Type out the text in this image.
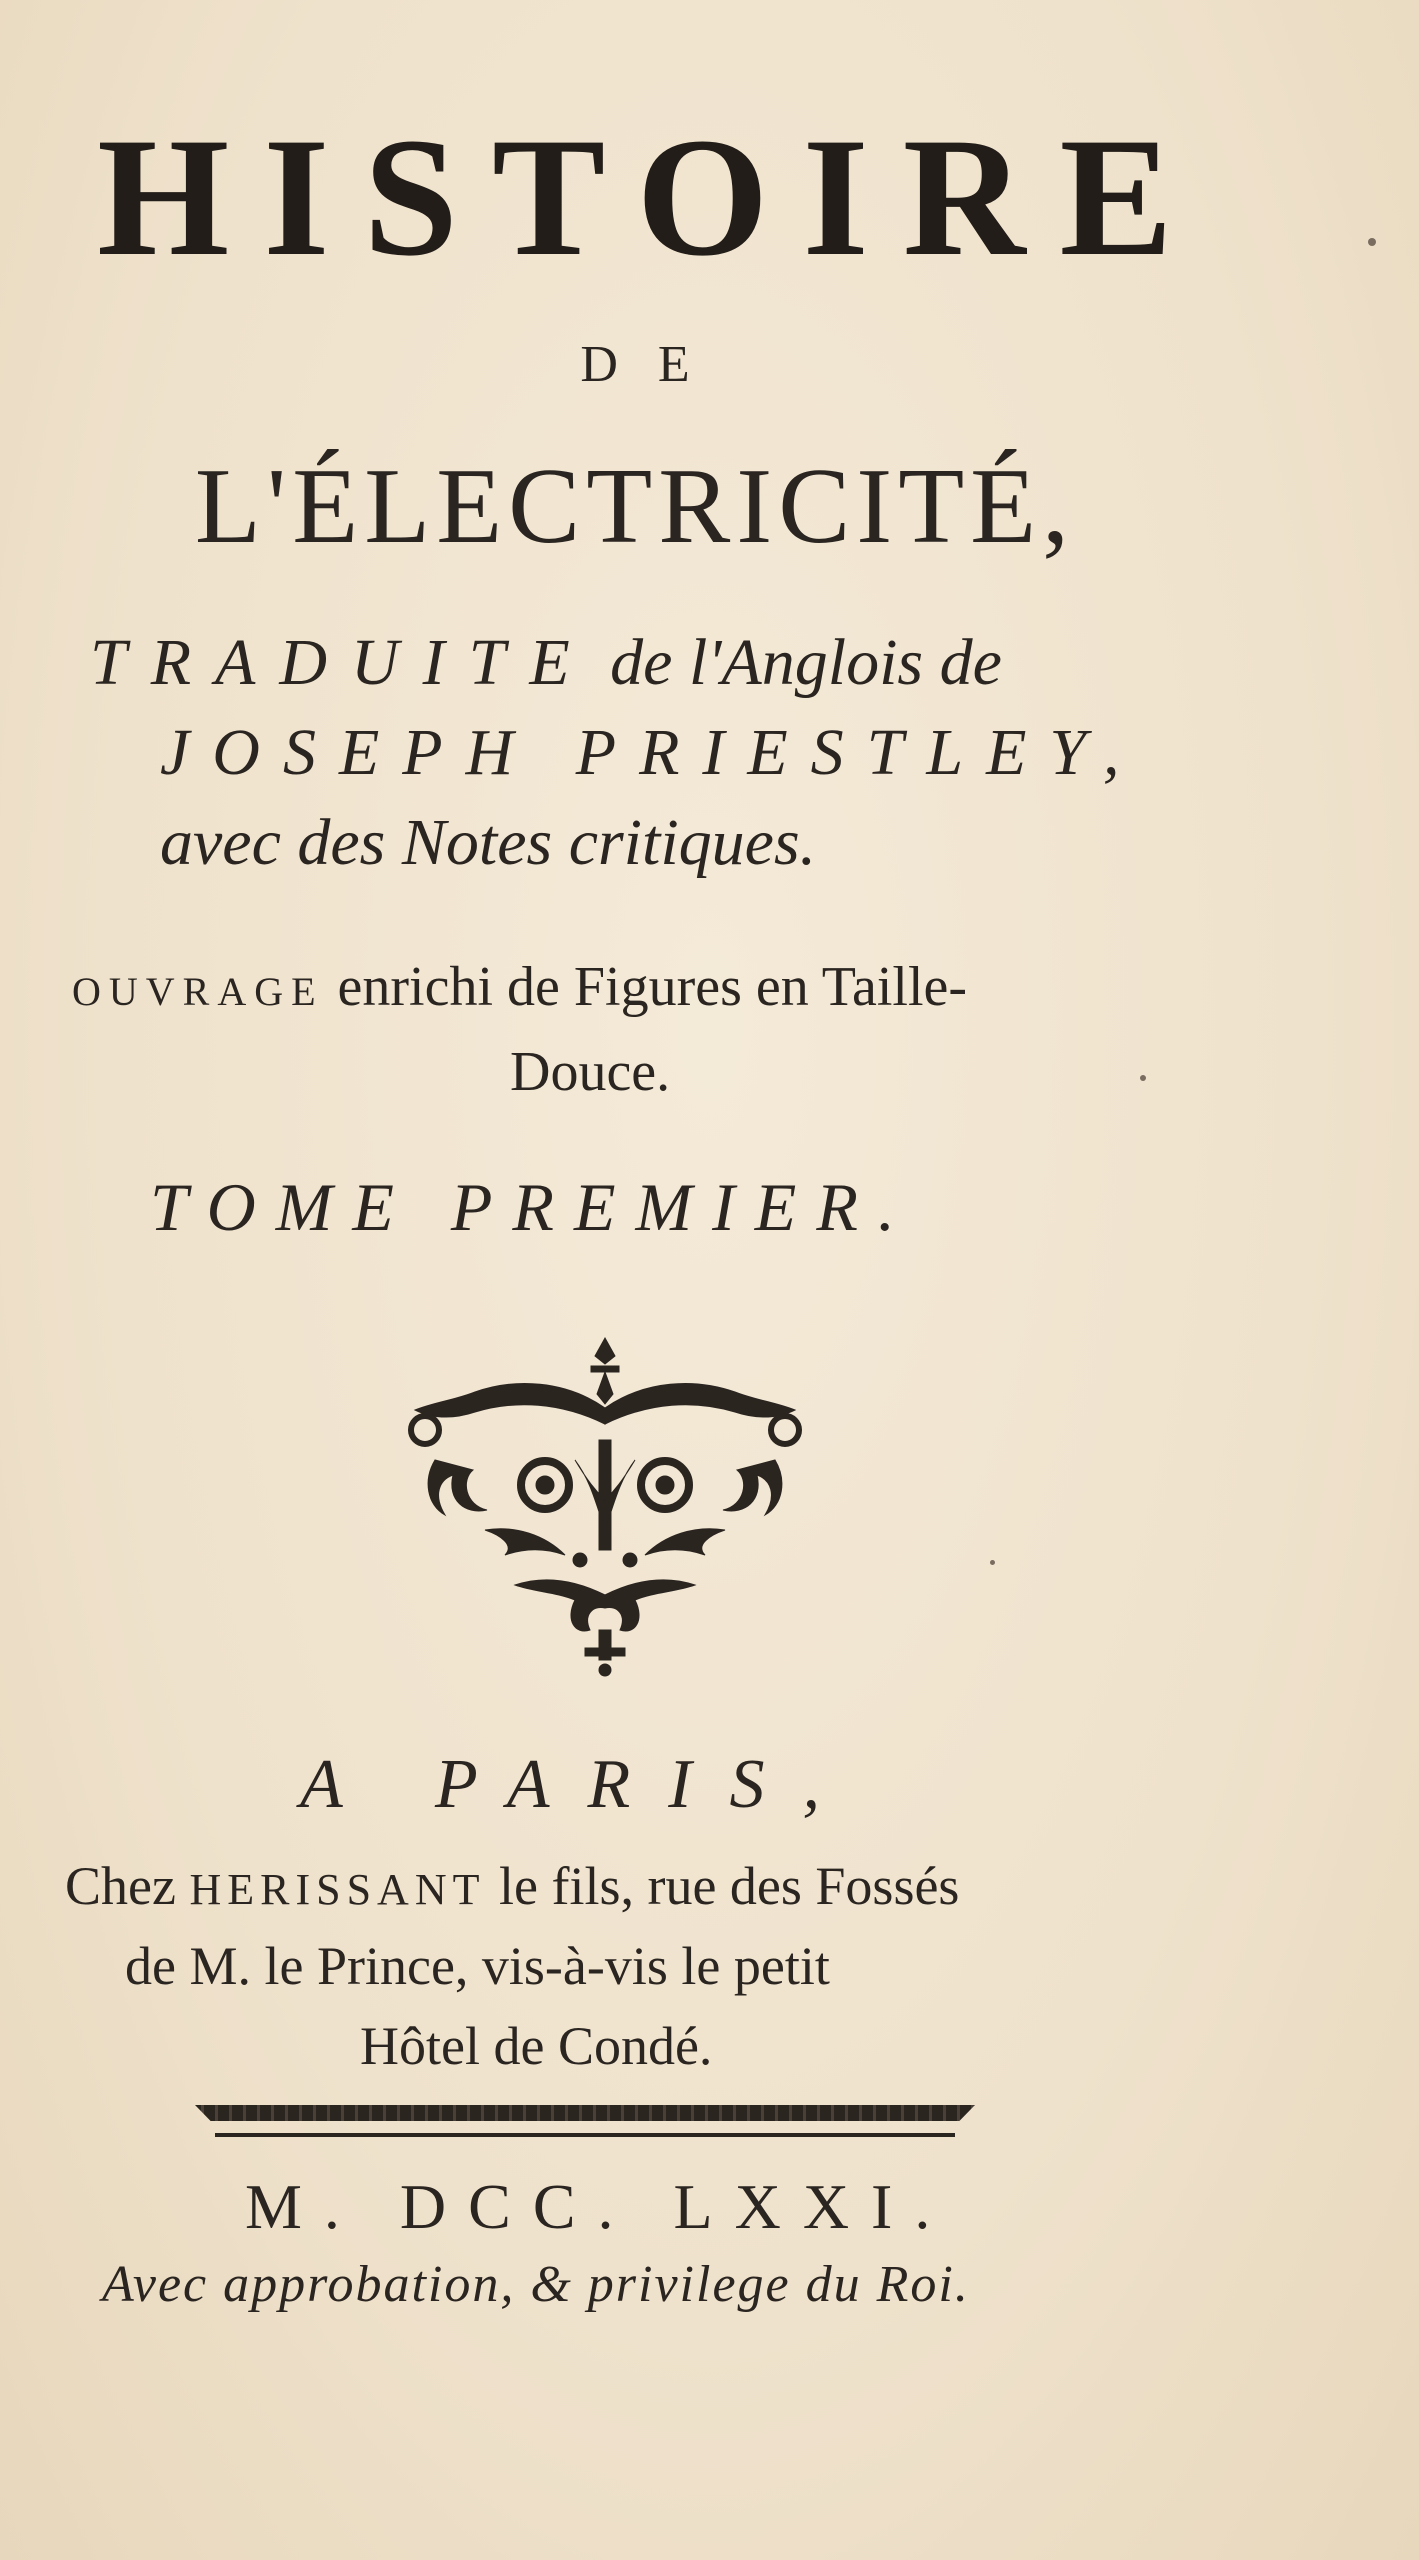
HISTOIRE
DE
L'ÉLECTRICITÉ,
TRADUITE de l'Anglois de
JOSEPH PRIESTLEY,
avec des Notes critiques.
OUVRAGE enrichi de Figures en Taille-
Douce.
TOME PREMIER.
A PARIS,
Chez HERISSANT le fils, rue des Fossés
de M. le Prince, vis-à-vis le petit
Hôtel de Condé.
M. DCC. LXXI.
Avec approbation, & privilege du Roi.
